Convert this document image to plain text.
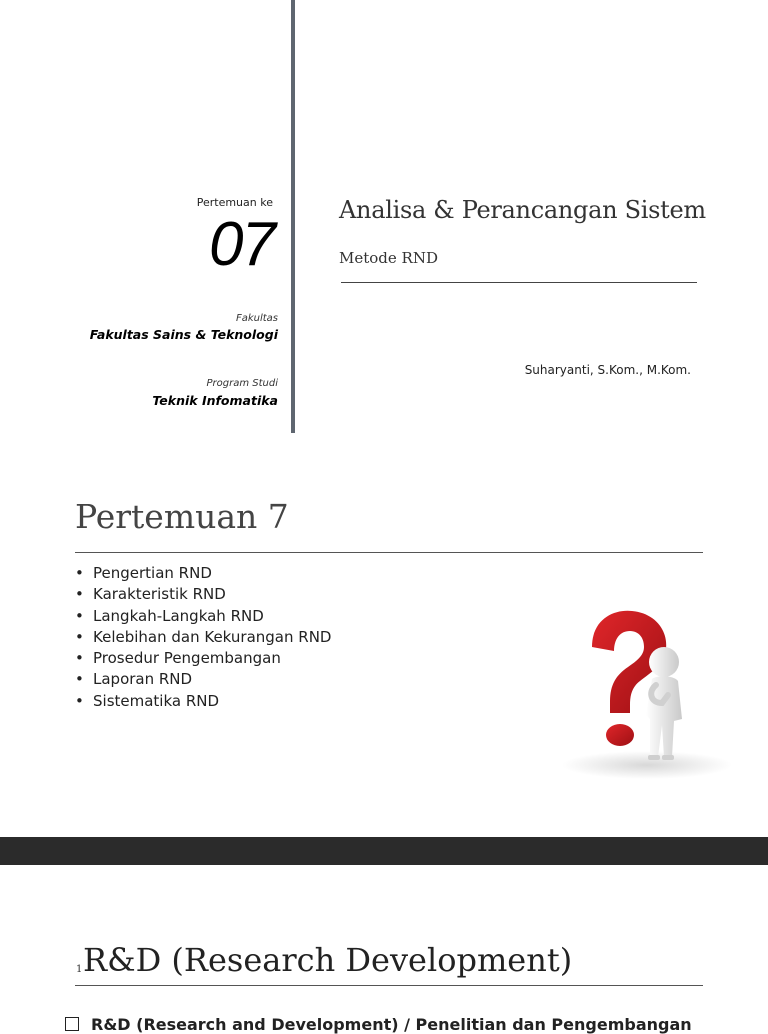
Pertemuan ke
07
Fakultas
Fakultas Sains & Teknologi
Program Studi
Teknik Infomatika
Analisa & Perancangan Sistem
Metode RND
Suharyanti, S.Kom., M.Kom.
Pertemuan 7
• Pengertian RND
• Karakteristik RND
• Langkah-Langkah RND
• Kelebihan dan Kekurangan RND
• Prosedur Pengembangan
• Laporan RND
• Sistematika RND
1 R&D (Research Development)
R&D (Research and Development) / Penelitian dan Pengembangan
